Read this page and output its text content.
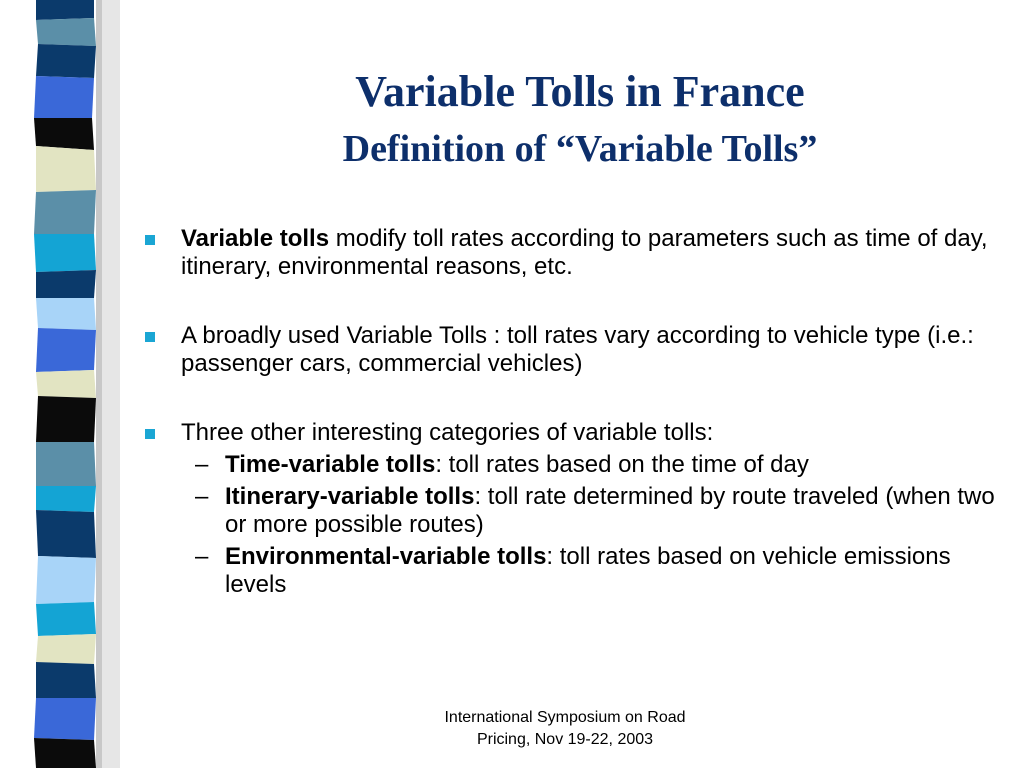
Variable Tolls in France
Definition of “Variable Tolls”
Variable tolls modify toll rates according to parameters such as time of day, itinerary, environmental reasons, etc.
A broadly used Variable Tolls : toll rates vary according to vehicle type (i.e.: passenger cars, commercial vehicles)
Three other interesting categories of variable tolls:
– Time-variable tolls: toll rates based on the time of day
– Itinerary-variable tolls: toll rate determined by route traveled (when two or more possible routes)
– Environmental-variable tolls: toll rates based on vehicle emissions levels
International Symposium on Road
Pricing, Nov 19-22, 2003
